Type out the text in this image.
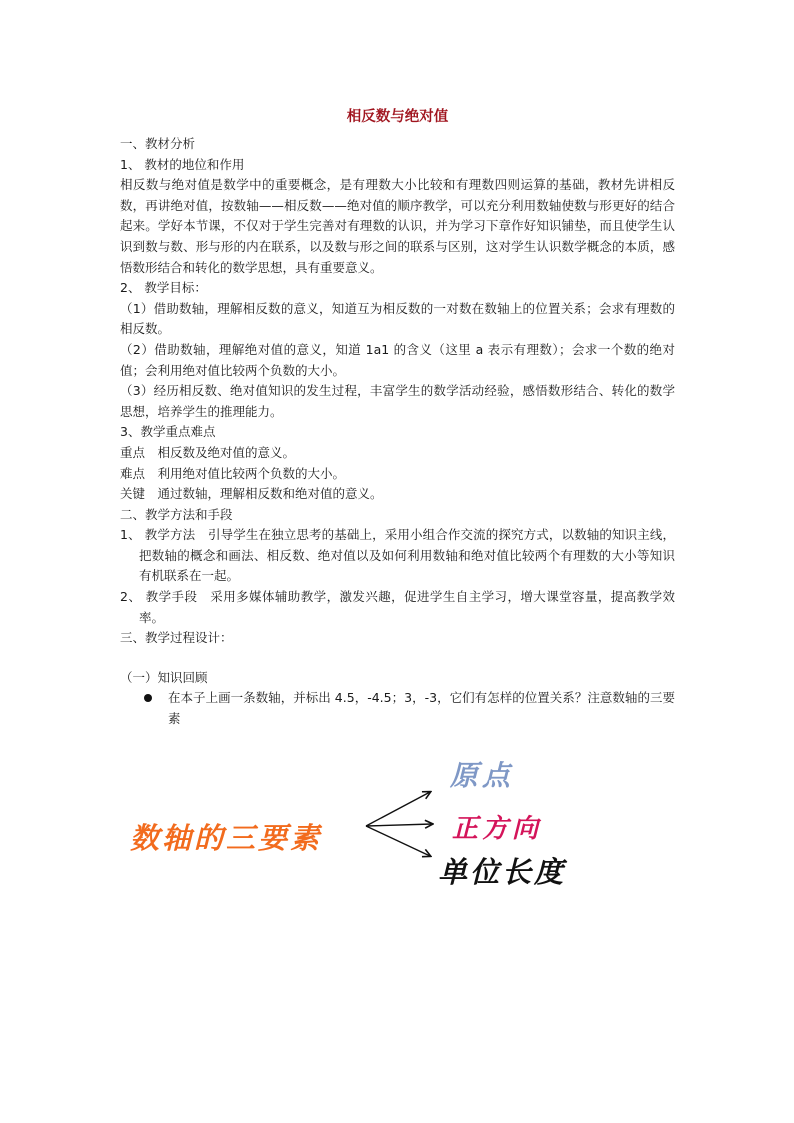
相反数与绝对值

一、教材分析

1、 教材的地位和作用

相反数与绝对值是数学中的重要概念，是有理数大小比较和有理数四则运算的基础，教材先讲相反数，再讲绝对值，按数轴——相反数——绝对值的顺序教学，可以充分利用数轴使数与形更好的结合起来。学好本节课，不仅对于学生完善对有理数的认识，并为学习下章作好知识铺垫，而且使学生认识到数与数、形与形的内在联系，以及数与形之间的联系与区别，这对学生认识数学概念的本质，感悟数形结合和转化的数学思想，具有重要意义。

2、 教学目标：

（1）借助数轴，理解相反数的意义，知道互为相反数的一对数在数轴上的位置关系；会求有理数的相反数。

（2）借助数轴，理解绝对值的意义，知道 1a1 的含义（这里 a 表示有理数）；会求一个数的绝对值；会利用绝对值比较两个负数的大小。

（3）经历相反数、绝对值知识的发生过程，丰富学生的数学活动经验，感悟数形结合、转化的数学思想，培养学生的推理能力。

3、教学重点难点

重点　相反数及绝对值的意义。

难点　利用绝对值比较两个负数的大小。

关键　通过数轴，理解相反数和绝对值的意义。

二、教学方法和手段

1、 教学方法　引导学生在独立思考的基础上，采用小组合作交流的探究方式，以数轴的知识主线，把数轴的概念和画法、相反数、绝对值以及如何利用数轴和绝对值比较两个有理数的大小等知识有机联系在一起。

2、 教学手段　采用多媒体辅助教学，激发兴趣，促进学生自主学习，增大课堂容量，提高教学效率。

三、教学过程设计：

（一）知识回顾

在本子上画一条数轴，并标出 4.5，-4.5；3，-3，它们有怎样的位置关系？注意数轴的三要素

数轴的三要素
原点
正方向
单位长度
